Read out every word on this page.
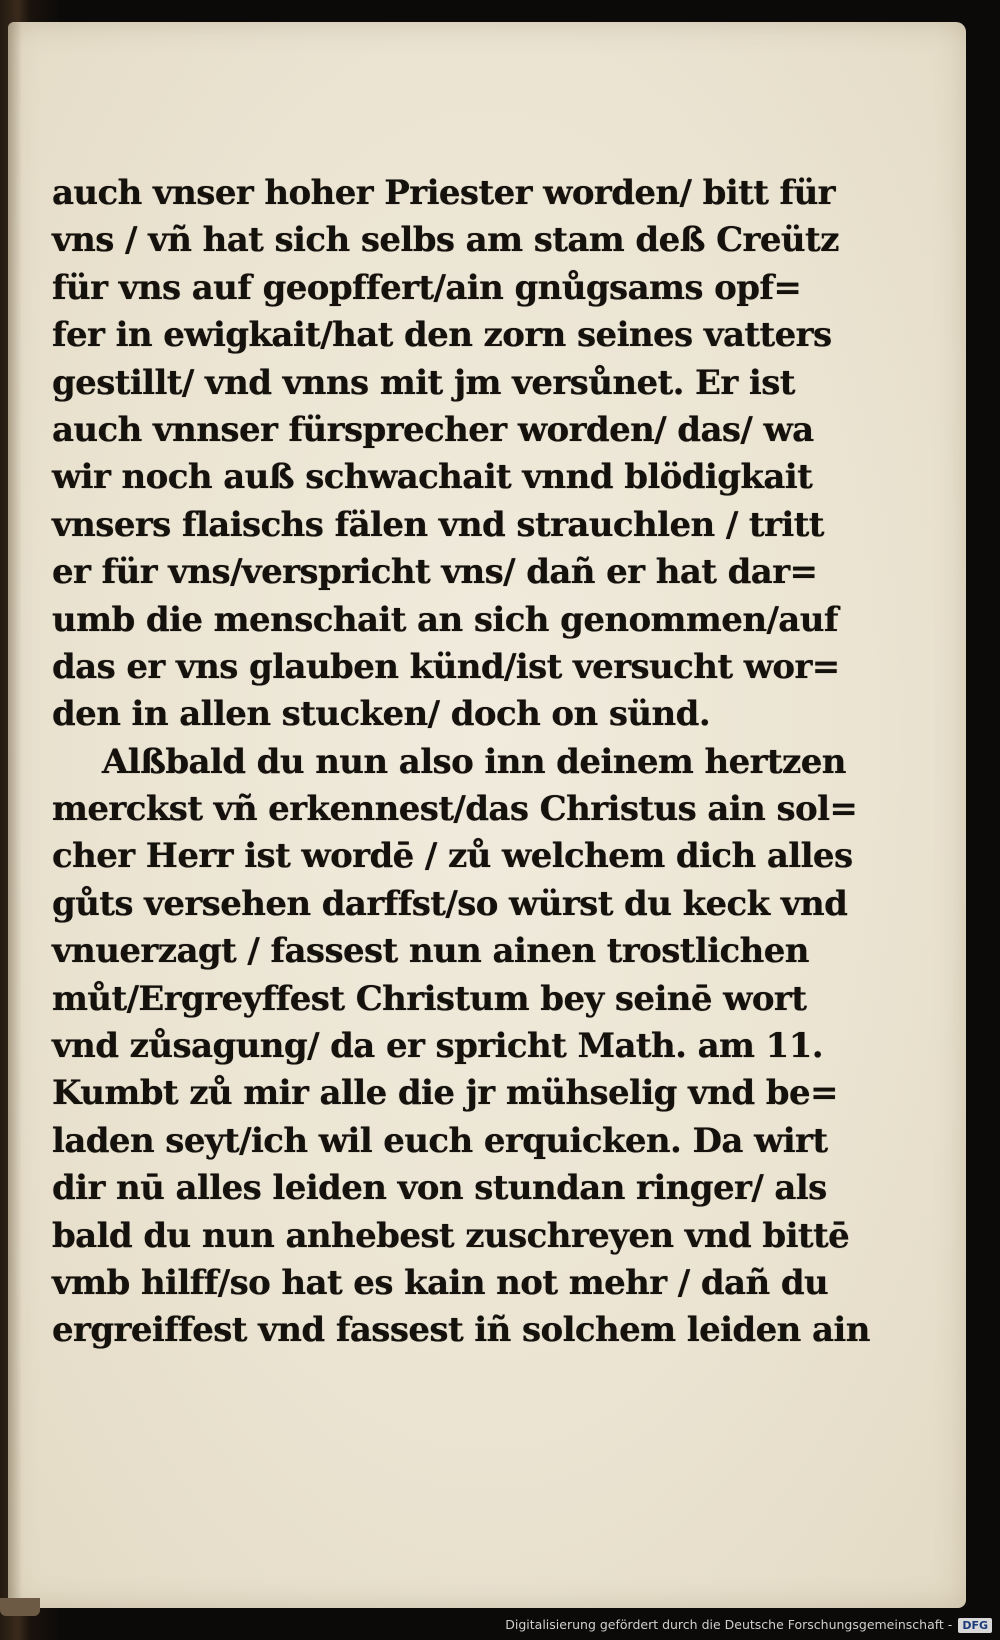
auch vnser hoher Priester worden/ bitt für
vns / vñ hat sich selbs am stam deß Creütz
für vns auf geopffert/ain gnůgsams opf=
fer in ewigkait/hat den zorn seines vatters
gestillt/ vnd vnns mit jm versůnet. Er ist
auch vnnser fürsprecher worden/ das/ wa
wir noch auß schwachait vnnd blödigkait
vnsers flaischs fälen vnd strauchlen / tritt
er für vns/verspricht vns/ dañ er hat dar=
umb die menschait an sich genommen/auf
das er vns glauben künd/ist versucht wor=
den in allen stucken/ doch on sünd.
Alßbald du nun also inn deinem hertzen
merckst vñ erkennest/das Christus ain sol=
cher Herr ist wordē / zů welchem dich alles
gůts versehen darffst/so würst du keck vnd
vnuerzagt / fassest nun ainen trostlichen
můt/Ergreyffest Christum bey seinē wort
vnd zůsagung/ da er spricht Math. am 11.
Kumbt zů mir alle die jr mühselig vnd be=
laden seyt/ich wil euch erquicken. Da wirt
dir nū alles leiden von stundan ringer/ als
bald du nun anhebest zuschreyen vnd bittē
vmb hilff/so hat es kain not mehr / dañ du
ergreiffest vnd fassest iñ solchem leiden ain
Digitalisierung gefördert durch die Deutsche Forschungsgemeinschaft - DFG
